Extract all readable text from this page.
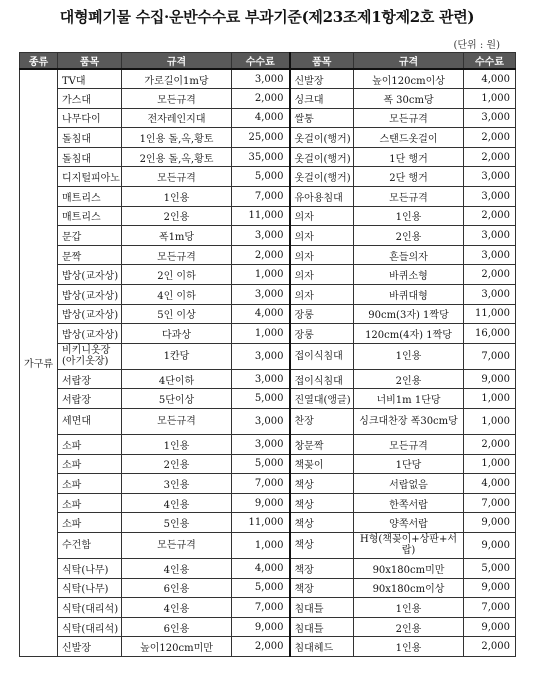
대형폐기물 수집·운반수수료 부과기준(제23조제1항제2호 관련)
(단위 : 원)
종류	품목	규격	수수료	품목	규격	수수료
가구류	TV대	가로길이1m당	3,000	신발장	높이120cm이상	4,000
	가스대	모든규격	2,000	싱크대	폭 30cm당	1,000
	나무다이	전자레인지대	4,000	쌀통	모든규격	3,000
	돌침대	1인용 돌,옥,황토	25,000	옷걸이(행거)	스탠드옷걸이	2,000
	돌침대	2인용 돌,옥,황토	35,000	옷걸이(행거)	1단 행거	2,000
	디지털피아노	모든규격	5,000	옷걸이(행거)	2단 행거	3,000
	매트리스	1인용	7,000	유아용침대	모든규격	3,000
	매트리스	2인용	11,000	의자	1인용	2,000
	문갑	폭1m당	3,000	의자	2인용	3,000
	문짝	모든규격	2,000	의자	흔들의자	3,000
	밥상(교자상)	2인 이하	1,000	의자	바퀴소형	2,000
	밥상(교자상)	4인 이하	3,000	의자	바퀴대형	3,000
	밥상(교자상)	5인 이상	4,000	장롱	90cm(3자) 1짝당	11,000
	밥상(교자상)	다과상	1,000	장롱	120cm(4자) 1짝당	16,000
	비키니옷장(아기옷장)	1칸당	3,000	접이식침대	1인용	7,000
	서랍장	4단이하	3,000	접이식침대	2인용	9,000
	서랍장	5단이상	5,000	진열대(앵글)	너비1m 1단당	1,000
	세면대	모든규격	3,000	찬장	싱크대찬장 폭30cm당	1,000
	소파	1인용	3,000	창문짝	모든규격	2,000
	소파	2인용	5,000	책꽂이	1단당	1,000
	소파	3인용	7,000	책상	서랍없음	4,000
	소파	4인용	9,000	책상	한쪽서랍	7,000
	소파	5인용	11,000	책상	양쪽서랍	9,000
	수건함	모든규격	1,000	책상	H형(책꽂이+상판+서랍)	9,000
	식탁(나무)	4인용	4,000	책장	90x180cm미만	5,000
	식탁(나무)	6인용	5,000	책장	90x180cm이상	9,000
	식탁(대리석)	4인용	7,000	침대틀	1인용	7,000
	식탁(대리석)	6인용	9,000	침대틀	2인용	9,000
	신발장	높이120cm미만	2,000	침대헤드	1인용	2,000
